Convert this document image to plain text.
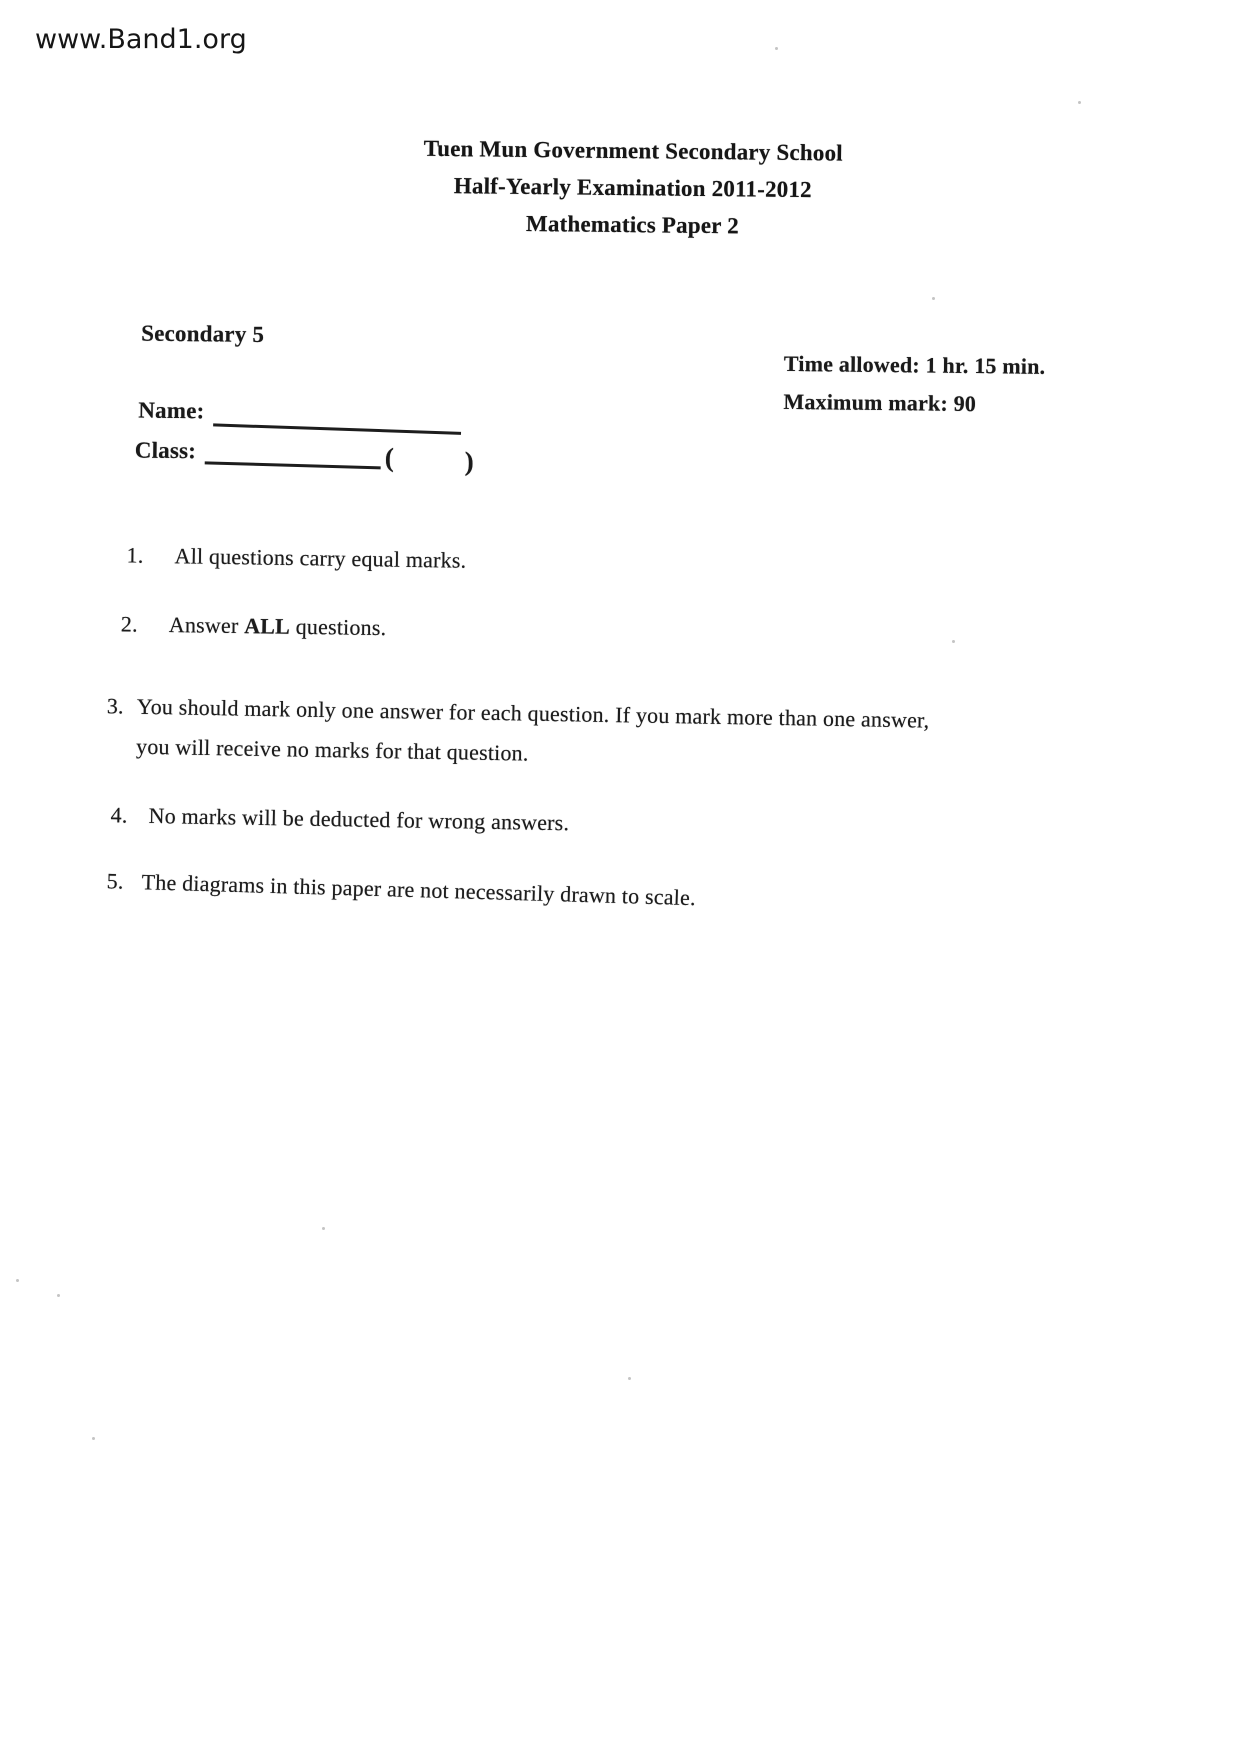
www.Band1.org
Tuen Mun Government Secondary School
Half-Yearly Examination 2011-2012
Mathematics Paper 2
Secondary 5
Time allowed: 1 hr. 15 min.
Maximum mark: 90
Name:
Class:	(	)
1.	All questions carry equal marks.
2.	Answer ALL questions.
3. You should mark only one answer for each question. If you mark more than one answer,
you will receive no marks for that question.
4. No marks will be deducted for wrong answers.
5. The diagrams in this paper are not necessarily drawn to scale.
